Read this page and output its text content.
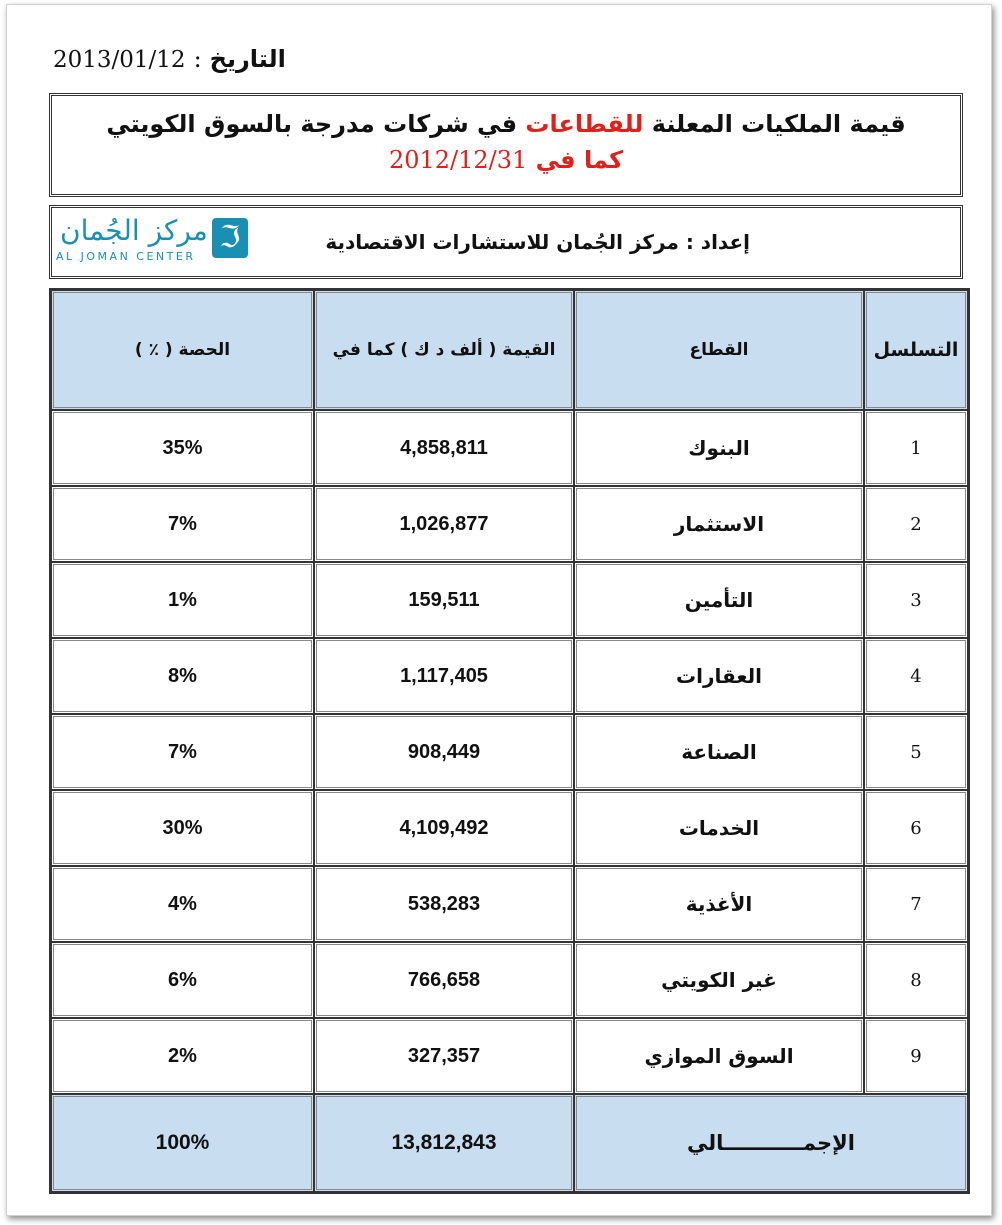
2013/01/12 : التاريخ
قيمة الملكيات المعلنة للقطاعات في شركات مدرجة بالسوق الكويتي
كما في 2012/12/31
إعداد : مركز الجُمان للاستشارات الاقتصادية
مركز الجُمان
AL JOMAN CENTER
ℑ
التسلسل	القطاع	القيمة ( ألف د ك ) كما في	الحصة ( ٪ )
1	البنوك	4,858,811	35%
2	الاستثمار	1,026,877	7%
3	التأمين	159,511	1%
4	العقارات	1,117,405	8%
5	الصناعة	908,449	7%
6	الخدمات	4,109,492	30%
7	الأغذية	538,283	4%
8	غير الكويتي	766,658	6%
9	السوق الموازي	327,357	2%
الإجمـــــــــــالي		13,812,843	100%
